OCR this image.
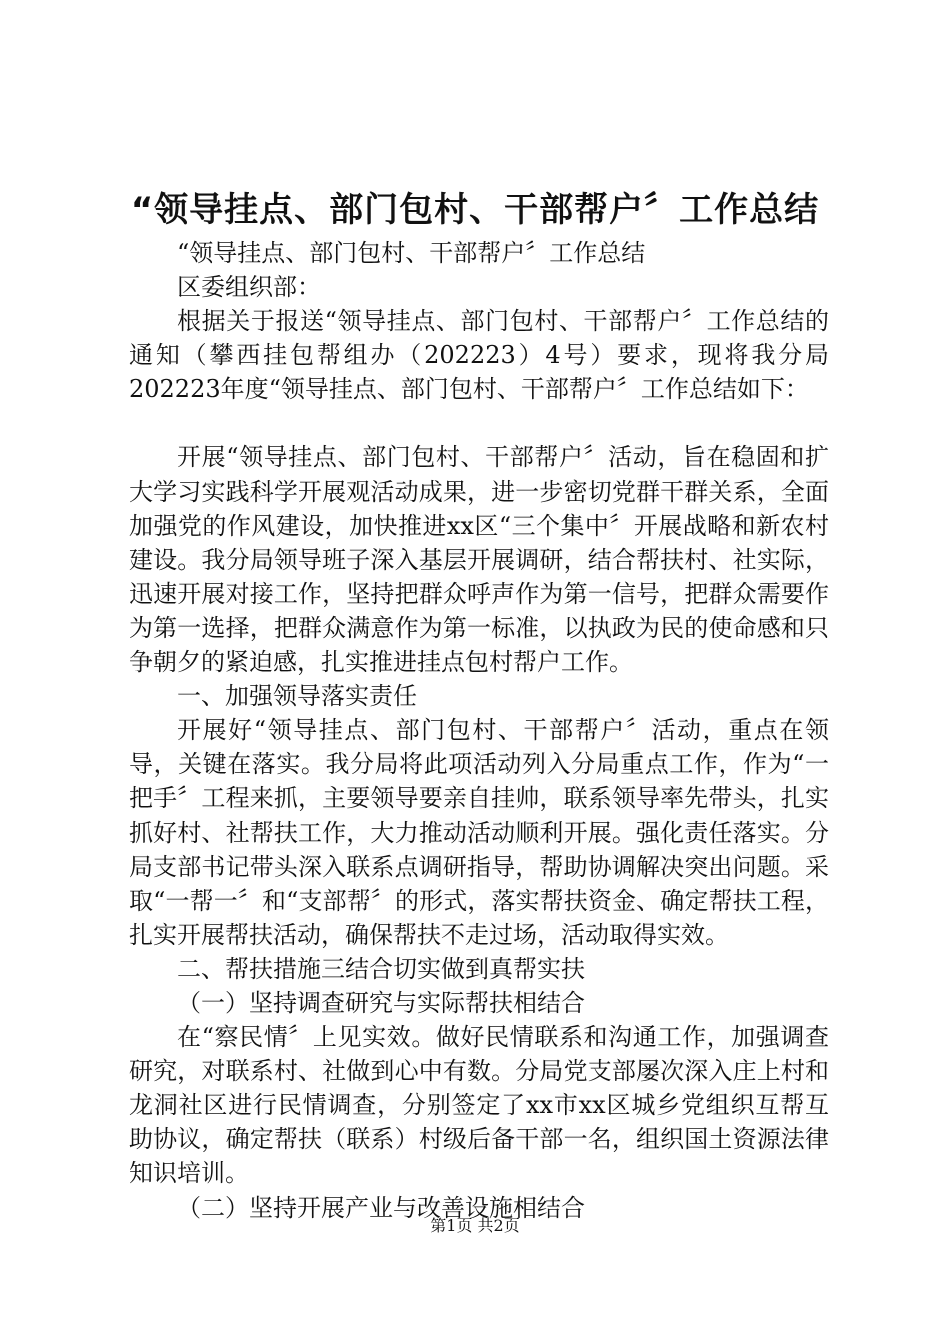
“领导挂点、部门包村、干部帮户〞工作总结

“领导挂点、部门包村、干部帮户〞工作总结

区委组织部：

根据关于报送“领导挂点、部门包村、干部帮户〞工作总结的通知（攀西挂包帮组办（202223）4号）要求，现将我分局202223年度“领导挂点、部门包村、干部帮户〞工作总结如下：

开展“领导挂点、部门包村、干部帮户〞活动，旨在稳固和扩大学习实践科学开展观活动成果，进一步密切党群干群关系，全面加强党的作风建设，加快推进xx区“三个集中〞开展战略和新农村建设。我分局领导班子深入基层开展调研，结合帮扶村、社实际，迅速开展对接工作，坚持把群众呼声作为第一信号，把群众需要作为第一选择，把群众满意作为第一标准，以执政为民的使命感和只争朝夕的紧迫感，扎实推进挂点包村帮户工作。

一、加强领导落实责任

开展好“领导挂点、部门包村、干部帮户〞活动，重点在领导，关键在落实。我分局将此项活动列入分局重点工作，作为“一把手〞工程来抓，主要领导要亲自挂帅，联系领导率先带头，扎实抓好村、社帮扶工作，大力推动活动顺利开展。强化责任落实。分局支部书记带头深入联系点调研指导，帮助协调解决突出问题。采取“一帮一〞和“支部帮〞的形式，落实帮扶资金、确定帮扶工程，扎实开展帮扶活动，确保帮扶不走过场，活动取得实效。

二、帮扶措施三结合切实做到真帮实扶

（一）坚持调查研究与实际帮扶相结合

在“察民情〞上见实效。做好民情联系和沟通工作，加强调查研究，对联系村、社做到心中有数。分局党支部屡次深入庄上村和龙洞社区进行民情调查，分别签定了xx市xx区城乡党组织互帮互助协议，确定帮扶（联系）村级后备干部一名，组织国土资源法律知识培训。

（二）坚持开展产业与改善设施相结合

第1页 共2页
